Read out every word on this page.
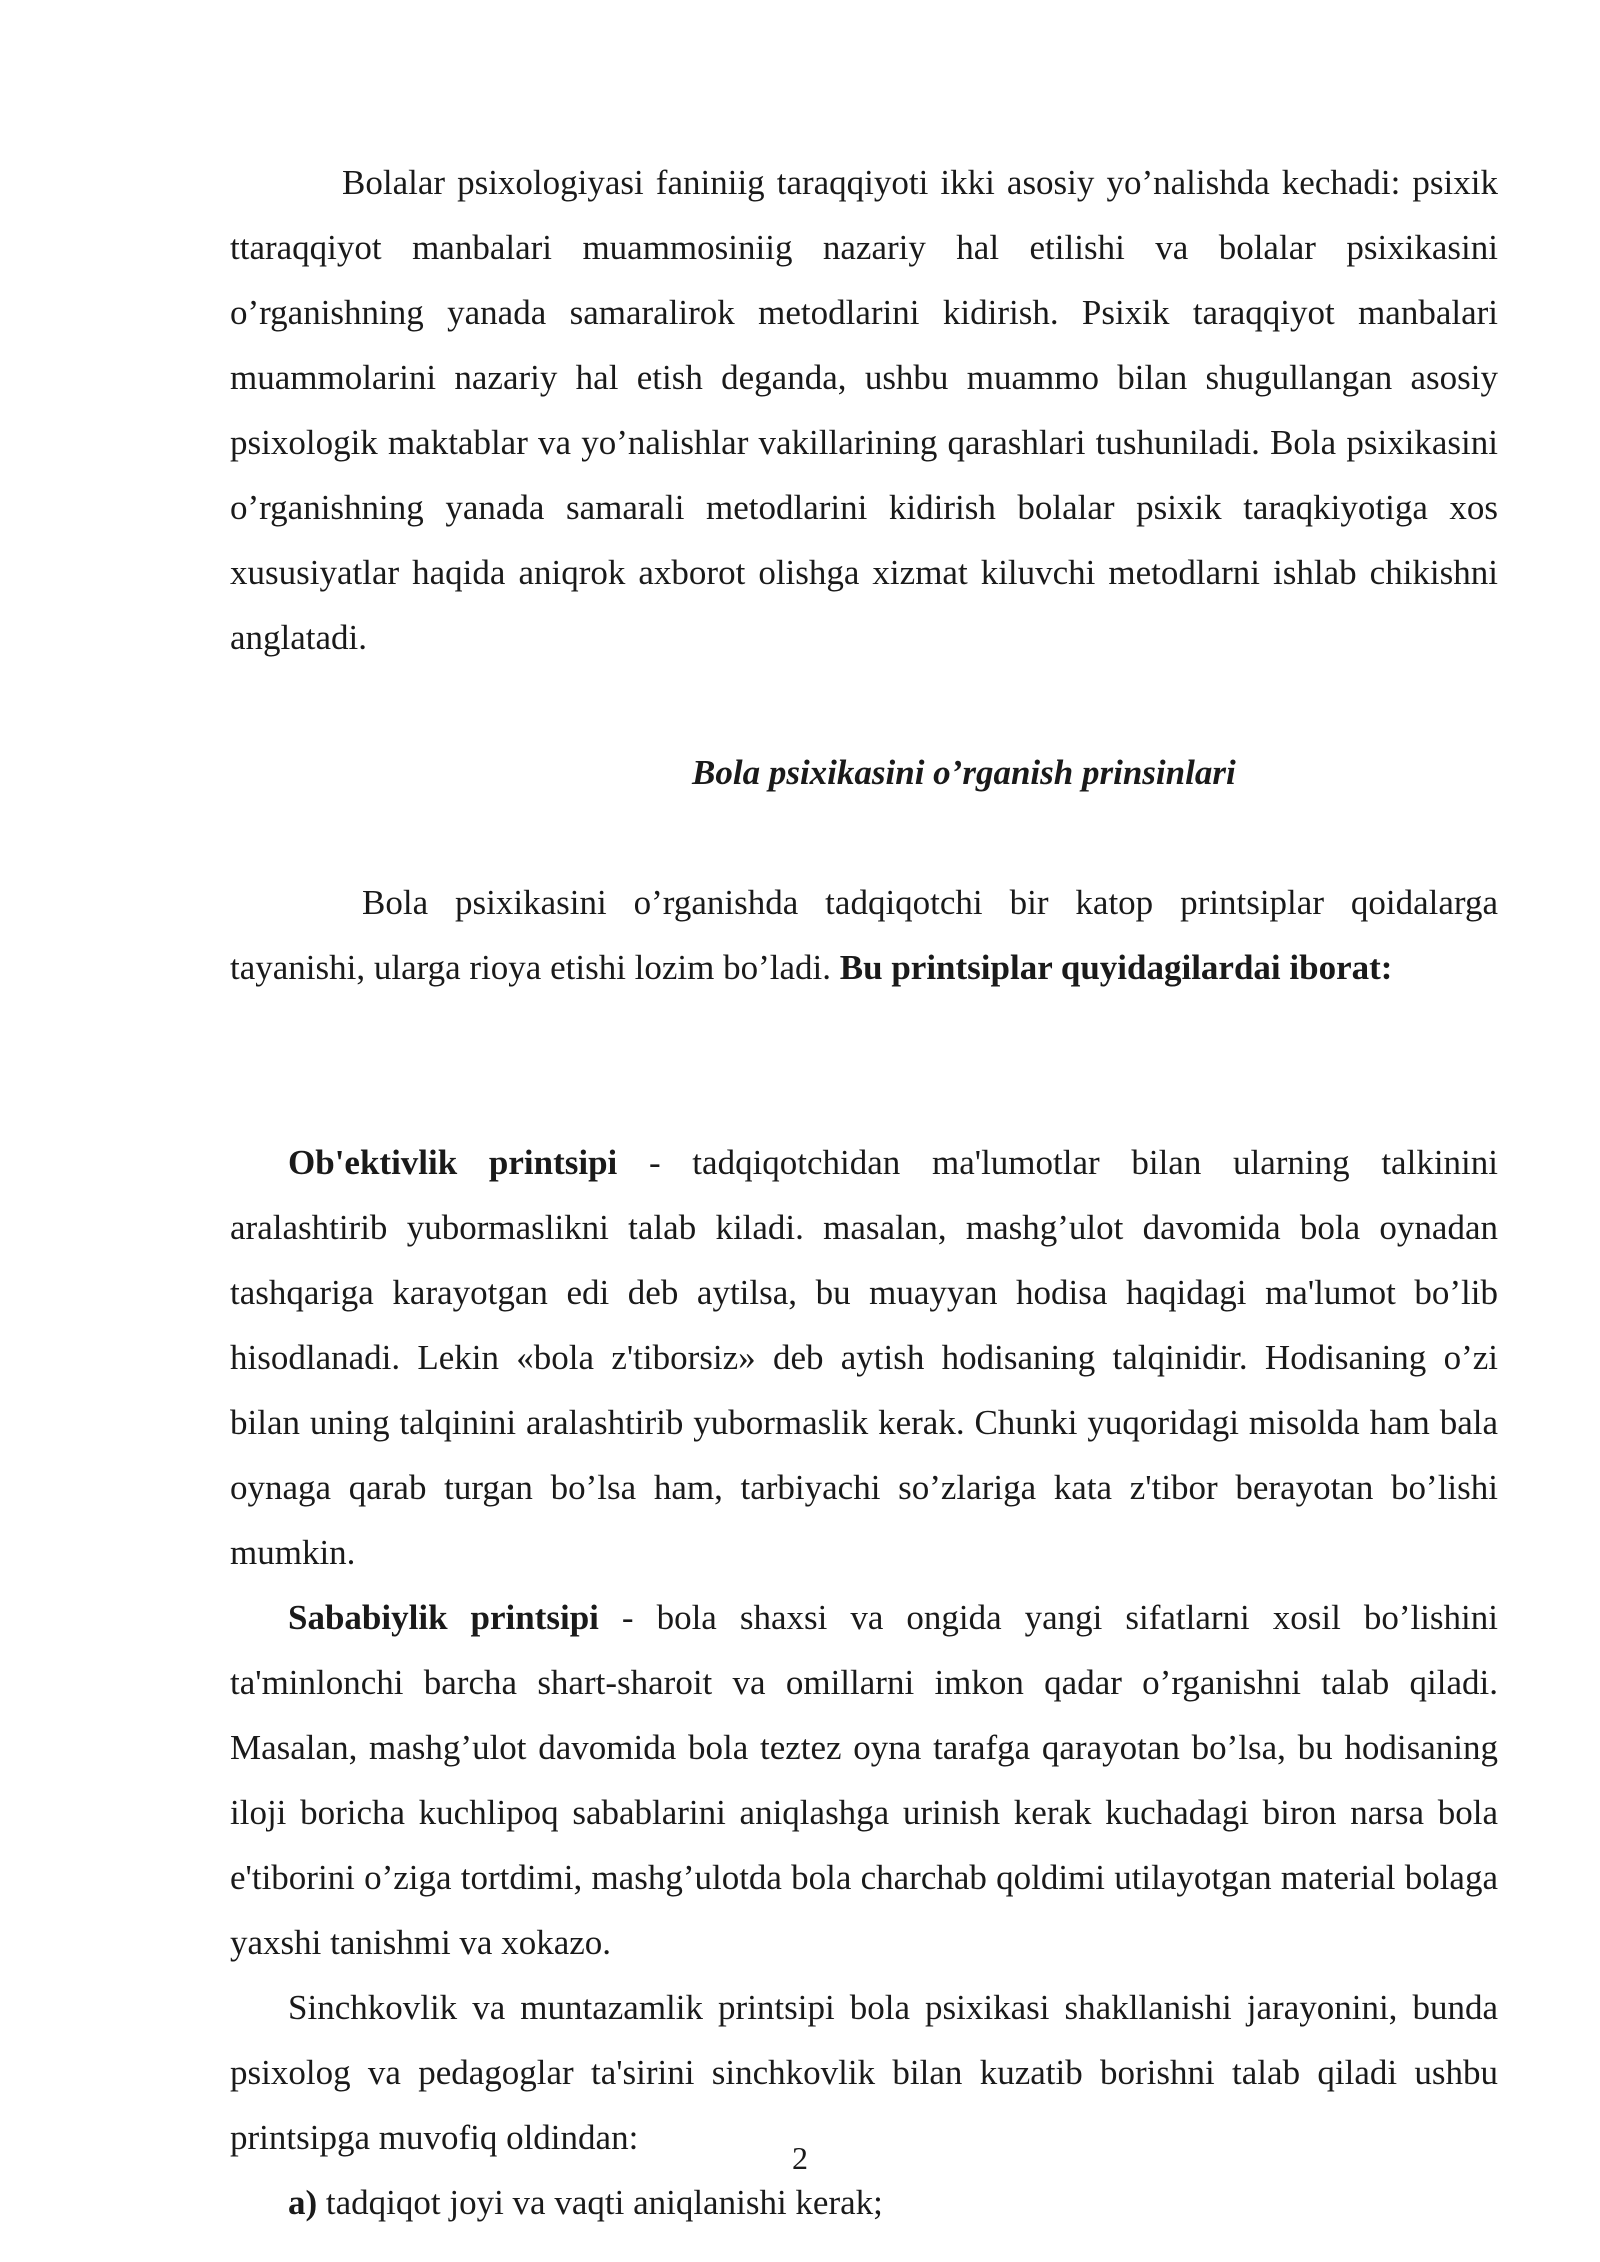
Bolalar psixologiyasi faniniig taraqqiyoti ikki asosiy yo’nalishda kechadi: psixik ttaraqqiyot manbalari muammosiniig nazariy hal etilishi va bolalar psixikasini o’rganishning yanada samaralirok metodlarini kidirish. Psixik taraqqiyot manbalari muammolarini nazariy hal etish deganda, ushbu muammo bilan shugullangan asosiy psixologik maktablar va yo’nalishlar vakillarining qarashlari tushuniladi. Bola psixikasini o’rganishning yanada samarali metodlarini kidirish bolalar psixik taraqkiyotiga xos xususiyatlar haqida aniqrok axborot olishga xizmat kiluvchi metodlarni ishlab chikishni anglatadi.

Bola psixikasini o’rganish prinsinlari

Bola psixikasini o’rganishda tadqiqotchi bir katop printsiplar qoidalarga tayanishi, ularga rioya etishi lozim bo’ladi. Bu printsiplar quyidagilardai iborat:

Ob'ektivlik printsipi - tadqiqotchidan ma'lumotlar bilan ularning talkinini aralashtirib yubormaslikni talab kiladi. masalan, mashg’ulot davomida bola oynadan tashqariga karayotgan edi deb aytilsa, bu muayyan hodisa haqidagi ma'lumot bo’lib hisodlanadi. Lekin «bola z'tiborsiz» deb aytish hodisaning talqinidir. Hodisaning o’zi bilan uning talqinini aralashtirib yubormaslik kerak. Chunki yuqoridagi misolda ham bala oynaga qarab turgan bo’lsa ham, tarbiyachi so’zlariga kata z'tibor berayotan bo’lishi mumkin.

Sababiylik printsipi - bola shaxsi va ongida yangi sifatlarni xosil bo’lishini ta'minlonchi barcha shart-sharoit va omillarni imkon qadar o’rganishni talab qiladi. Masalan, mashg’ulot davomida bola teztez oyna tarafga qarayotan bo’lsa, bu hodisaning iloji boricha kuchlipoq sabablarini aniqlashga urinish kerak kuchadagi biron narsa bola e'tiborini o’ziga tortdimi, mashg’ulotda bola charchab qoldimi utilayotgan material bolaga yaxshi tanishmi va xokazo.

Sinchkovlik va muntazamlik printsipi bola psixikasi shakllanishi jarayonini, bunda psixolog va pedagoglar ta'sirini sinchkovlik bilan kuzatib borishni talab qiladi ushbu printsipga muvofiq oldindan:

a) tadqiqot joyi va vaqti aniqlanishi kerak;

2
